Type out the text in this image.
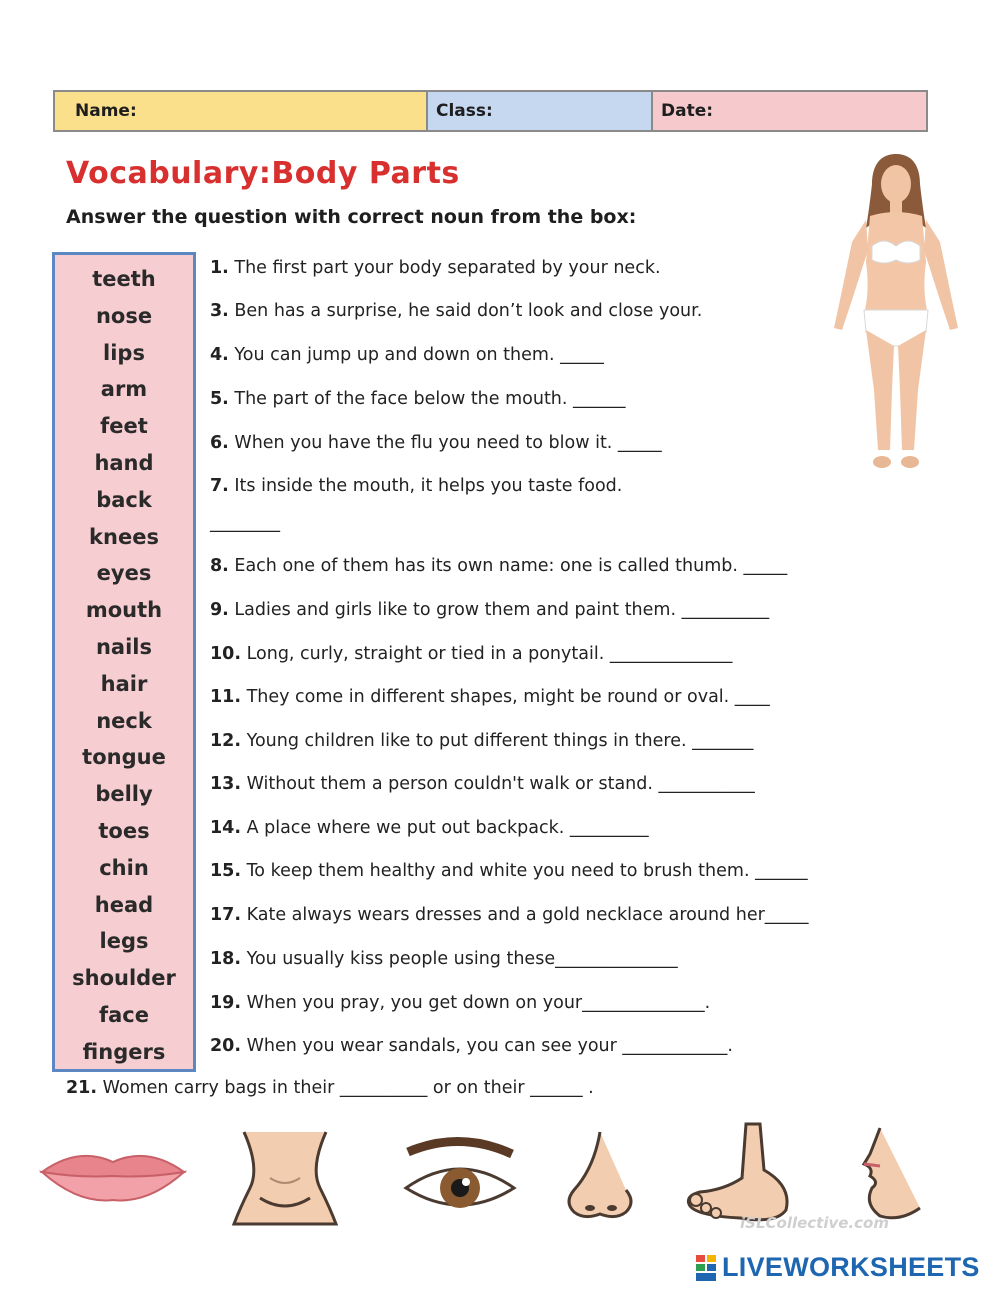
Name:	Class:	Date:
Vocabulary:Body Parts
Answer the question with correct noun from the box:
teeth
nose
lips
arm
feet
hand
back
knees
eyes
mouth
nails
hair
neck
tongue
belly
toes
chin
head
legs
shoulder
face
fingers
1. The first part your body separated by your neck.
3. Ben has a surprise, he said don’t look and close your.
4. You can jump up and down on them. _____
5. The part of the face below the mouth. ______
6. When you have the flu you need to blow it. _____
7. Its inside the mouth, it helps you taste food.
________
8. Each one of them has its own name: one is called thumb. _____
9. Ladies and girls like to grow them and paint them. __________
10. Long, curly, straight or tied in a ponytail. ______________
11. They come in different shapes, might be round or oval. ____
12. Young children like to put different things in there. _______
13. Without them a person couldn't walk or stand. ___________
14. A place where we put out backpack. _________
15. To keep them healthy and white you need to brush them. ______
17. Kate always wears dresses and a gold necklace around her_____
18. You usually kiss people using these______________
19. When you pray, you get down on your______________.
20. When you wear sandals, you can see your ____________.
21. Women carry bags in their __________ or on their ______ .
iSLCollective.com
LIVEWORKSHEETS
